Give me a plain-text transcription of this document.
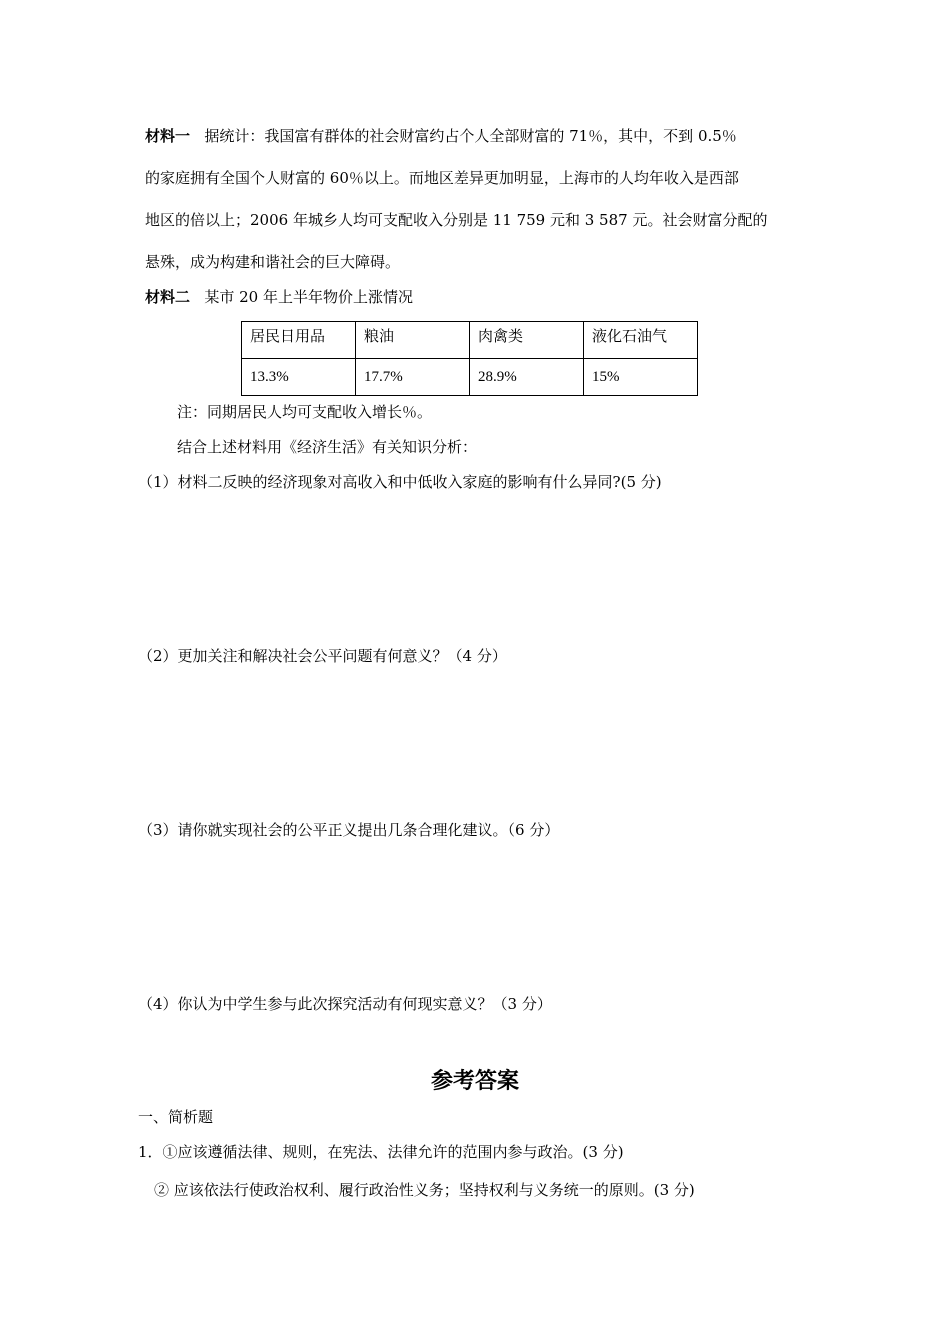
材料一 据统计：我国富有群体的社会财富约占个人全部财富的 71％，其中，不到 0.5％
的家庭拥有全国个人财富的 60％以上。而地区差异更加明显，上海市的人均年收入是西部
地区的倍以上；2006 年城乡人均可支配收入分别是 11 759 元和 3 587 元。社会财富分配的
悬殊，成为构建和谐社会的巨大障碍。
材料二 某市 20 年上半年物价上涨情况
居民日用品	粮油	肉禽类	液化石油气
13.3%	17.7%	28.9%	15%
注：同期居民人均可支配收入增长％。
结合上述材料用《经济生活》有关知识分析：
（1）材料二反映的经济现象对高收入和中低收入家庭的影响有什么异同?(5 分)
（2）更加关注和解决社会公平问题有何意义？（4 分）
（3）请你就实现社会的公平正义提出几条合理化建议。（6 分）
（4）你认为中学生参与此次探究活动有何现实意义？（3 分）
参考答案
一、简析题
1．①应该遵循法律、规则，在宪法、法律允许的范围内参与政治。(3 分)
② 应该依法行使政治权利、履行政治性义务；坚持权利与义务统一的原则。(3 分)
